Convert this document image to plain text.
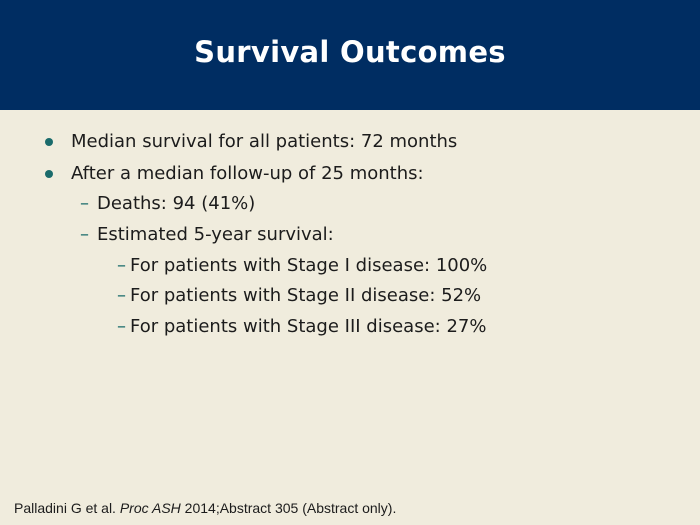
Survival Outcomes
Median survival for all patients: 72 months
After a median follow-up of 25 months:
– Deaths: 94 (41%)
– Estimated 5-year survival:
– For patients with Stage I disease: 100%
– For patients with Stage II disease: 52%
– For patients with Stage III disease: 27%
Palladini G et al. Proc ASH 2014;Abstract 305 (Abstract only).
